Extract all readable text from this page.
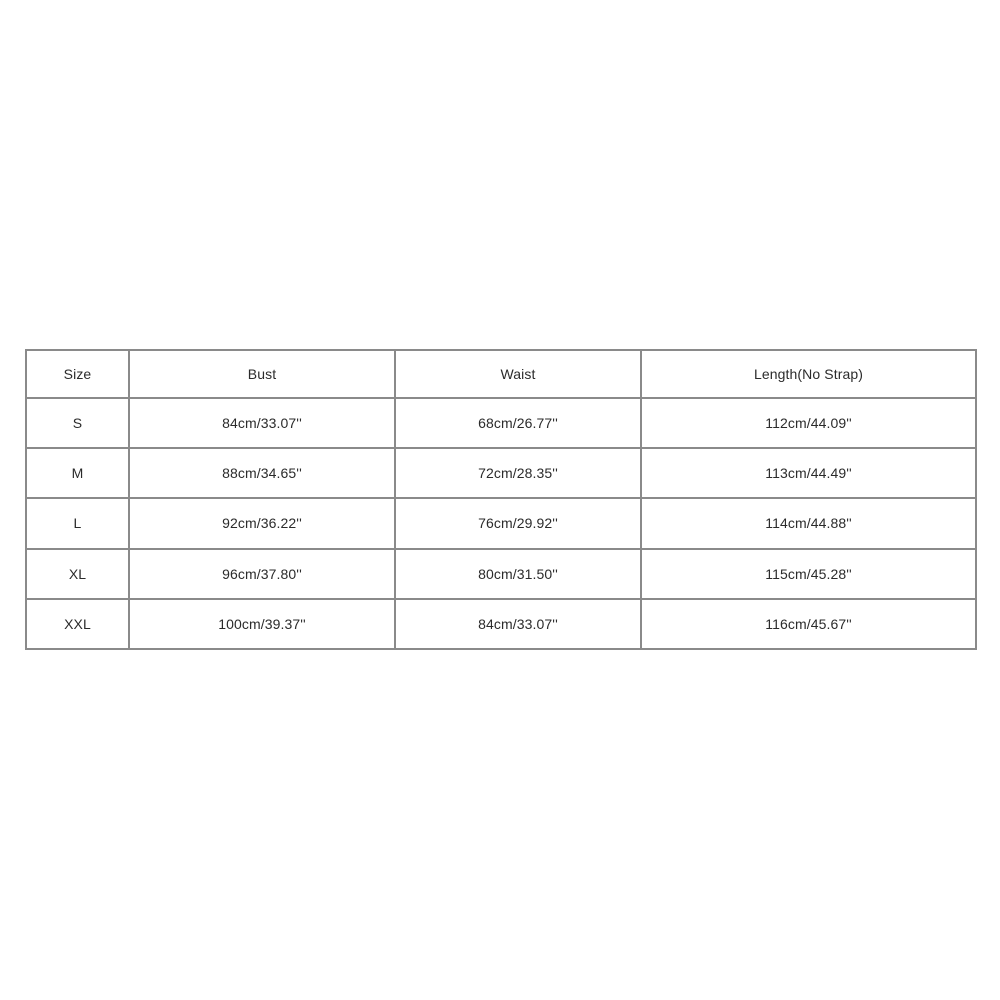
Size	Bust	Waist	Length(No Strap)
S	84cm/33.07''	68cm/26.77''	112cm/44.09''
M	88cm/34.65''	72cm/28.35''	113cm/44.49''
L	92cm/36.22''	76cm/29.92''	114cm/44.88''
XL	96cm/37.80''	80cm/31.50''	115cm/45.28''
XXL	100cm/39.37''	84cm/33.07''	116cm/45.67''
